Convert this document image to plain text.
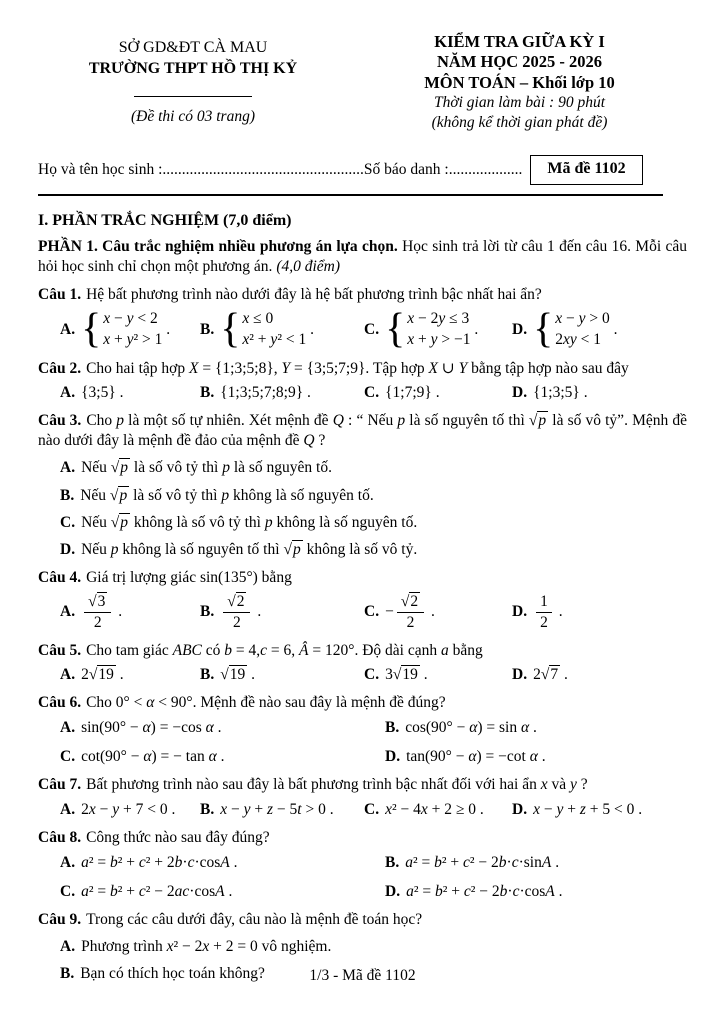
SỞ GD&ĐT CÀ MAU
TRƯỜNG THPT HỒ THỊ KỶ
(Đề thi có 03 trang)
KIỂM TRA GIỮA KỲ I
NĂM HỌC 2025 - 2026
MÔN TOÁN – Khối lớp 10
Thời gian làm bài : 90 phút
(không kể thời gian phát đề)
Họ và tên học sinh : .................................................... Số báo danh : ...................	Mã đề 1102
I. PHẦN TRẮC NGHIỆM (7,0 điểm)

PHẦN 1. Câu trắc nghiệm nhiều phương án lựa chọn. Học sinh trả lời từ câu 1 đến câu 16. Mỗi câu hỏi học sinh chỉ chọn một phương án. (4,0 điểm)

Câu 1. Hệ bất phương trình nào dưới đây là hệ bất phương trình bậc nhất hai ẩn?

A. { x − y < 2
x + y² > 1
.	B. { x ≤ 0
x² + y² < 1
.	C. { x − 2y ≤ 3
x + y > −1
.	D. { x − y > 0
2xy < 1
.

Câu 2. Cho hai tập hợp X = {1;3;5;8}, Y = {3;5;7;9}. Tập hợp X ∪ Y bằng tập hợp nào sau đây

A. {3;5} .	B. {1;3;5;7;8;9} .	C. {1;7;9} .	D. {1;3;5} .

Câu 3. Cho p là một số tự nhiên. Xét mệnh đề Q : “ Nếu p là số nguyên tố thì √p là số vô tỷ”. Mệnh đề nào dưới đây là mệnh đề đảo của mệnh đề Q ?

A. Nếu √p là số vô tỷ thì p là số nguyên tố.
B. Nếu √p là số vô tỷ thì p không là số nguyên tố.
C. Nếu √p không là số vô tỷ thì p không là số nguyên tố.
D. Nếu p không là số nguyên tố thì √p không là số vô tỷ.

Câu 4. Giá trị lượng giác sin(135°) bằng

A. $\frac{√3}{2}$ .	B. $\frac{√2}{2}$ .	C. − $\frac{√2}{2}$ .	D. $\frac{1}{2}$ .

Câu 5. Cho tam giác ABC có b = 4,c = 6, Â = 120°. Độ dài cạnh a bằng

A. 2√19 .	B. √19 .	C. 3√19 .	D. 2√7 .

Câu 6. Cho 0° < α < 90°. Mệnh đề nào sau đây là mệnh đề đúng?

A. sin(90° − α) = −cos α .	B. cos(90° − α) = sin α .
C. cot(90° − α) = − tan α .	D. tan(90° − α) = −cot α .

Câu 7. Bất phương trình nào sau đây là bất phương trình bậc nhất đối với hai ẩn x và y ?

A. 2x − y + 7 < 0 .	B. x − y + z − 5t > 0 .	C. x² − 4x + 2 ≥ 0 .	D. x − y + z + 5 < 0 .

Câu 8. Công thức nào sau đây đúng?

A. a² = b² + c² + 2b·c·cosA .	B. a² = b² + c² − 2b·c·sinA .
C. a² = b² + c² − 2ac·cosA .	D. a² = b² + c² − 2b·c·cosA .

Câu 9. Trong các câu dưới đây, câu nào là mệnh đề toán học?

A. Phương trình x² − 2x + 2 = 0 vô nghiệm.
B. Bạn có thích học toán không?	1/3 - Mã đề 1102
